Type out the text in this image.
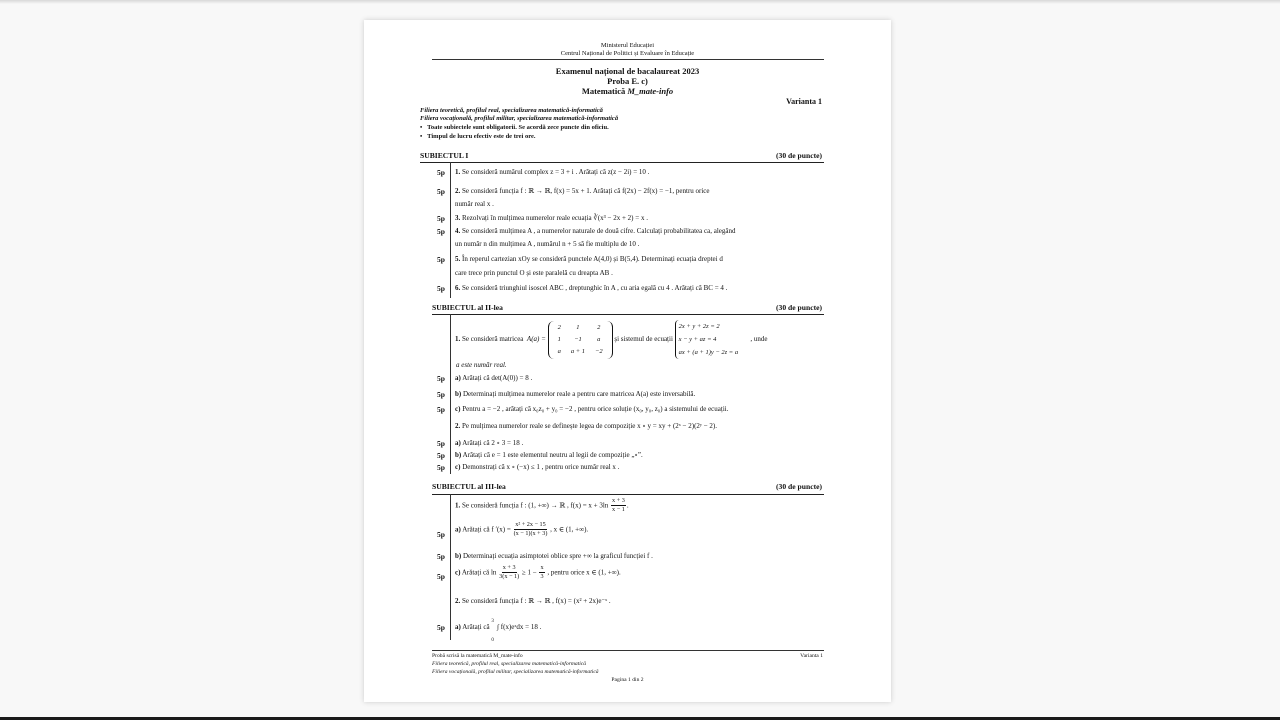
Ministerul Educației
Centrul Național de Politici și Evaluare în Educație
Examenul național de bacalaureat 2023
Proba E. c)
Matematică M_mate-info
Varianta 1
Filiera teoretică, profilul real, specializarea matematică-informatică
Filiera vocațională, profilul militar, specializarea matematică-informatică
•   Toate subiectele sunt obligatorii. Se acordă zece puncte din oficiu.
•   Timpul de lucru efectiv este de trei ore.
SUBIECTUL I	(30 de puncte)
5p 1. Se consideră numărul complex z = 3 + i . Arătați că z(z − 2i) = 10 .
5p 2. Se consideră funcția f : ℝ → ℝ, f(x) = 5x + 1. Arătați că f(2x) − 2f(x) = −1, pentru orice
număr real x .
5p 3. Rezolvați în mulțimea numerelor reale ecuația ∛(x³ − 2x + 2) = x .
5p 4. Se consideră mulțimea A , a numerelor naturale de două cifre. Calculați probabilitatea ca, alegând
un număr n din mulțimea A , numărul n + 5 să fie multiplu de 10 .
5p 5. În reperul cartezian xOy se consideră punctele A(4,0) și B(5,4). Determinați ecuația dreptei d
care trece prin punctul O și este paralelă cu dreapta AB .
5p 6. Se consideră triunghiul isoscel ABC , dreptunghic în A , cu aria egală cu 4 . Arătați că BC = 4 .
SUBIECTUL al II-lea	(30 de puncte)
1. Se consideră matricea A(a) =
2	1	2
1	−1	a
a	a + 1	−2
și sistemul de ecuații
2x + y + 2z = 2
x − y + az = 4
ax + (a + 1)y − 2z = a
, unde
a este număr real.
5p a) Arătați că det(A(0)) = 8 .
5p b) Determinați mulțimea numerelor reale a pentru care matricea A(a) este inversabilă.
5p c) Pentru a = −2 , arătați că x₀z₀ + y₀ = −2 , pentru orice soluție (x₀, y₀, z₀) a sistemului de ecuații.
2. Pe mulțimea numerelor reale se definește legea de compoziție x ∘ y = xy + (2ˣ − 2)(2ʸ − 2).
5p a) Arătați că 2 ∘ 3 = 18 .
5p b) Arătați că e = 1 este elementul neutru al legii de compoziție „∘”.
5p c) Demonstrați că x ∘ (−x) ≤ 1 , pentru orice număr real x .
SUBIECTUL al III-lea	(30 de puncte)
1. Se consideră funcția f : (1, +∞) → ℝ , $f(x) = x + 3\ln \frac{x + 3}{x - 1}$ .
5p
a) Arătați că f $'(x) = \frac{\text{x² + 2x − 15}}{(x - 1)(x + 3)}$ , x ∈ (1, +∞).
5p b) Determinați ecuația asimptotei oblice spre +∞ la graficul funcției f .
5p c) Arătați că $\ln \frac{x + 3}{3(x - 1)} \ge 1 - \frac{x}{3}$ , pentru orice x ∈ (1, +∞).
2. Se consideră funcția f : ℝ → ℝ , f(x) = (x² + 2x)e⁻ˣ .
5p a) Arătați că
3
0
∫ f(x)eˣdx = 18 .
Probă scrisă la matematică M_mate-info	Varianta 1
Filiera teoretică, profilul real, specializarea matematică-informatică
Filiera vocațională, profilul militar, specializarea matematică-informatică
Pagina 1 din 2
